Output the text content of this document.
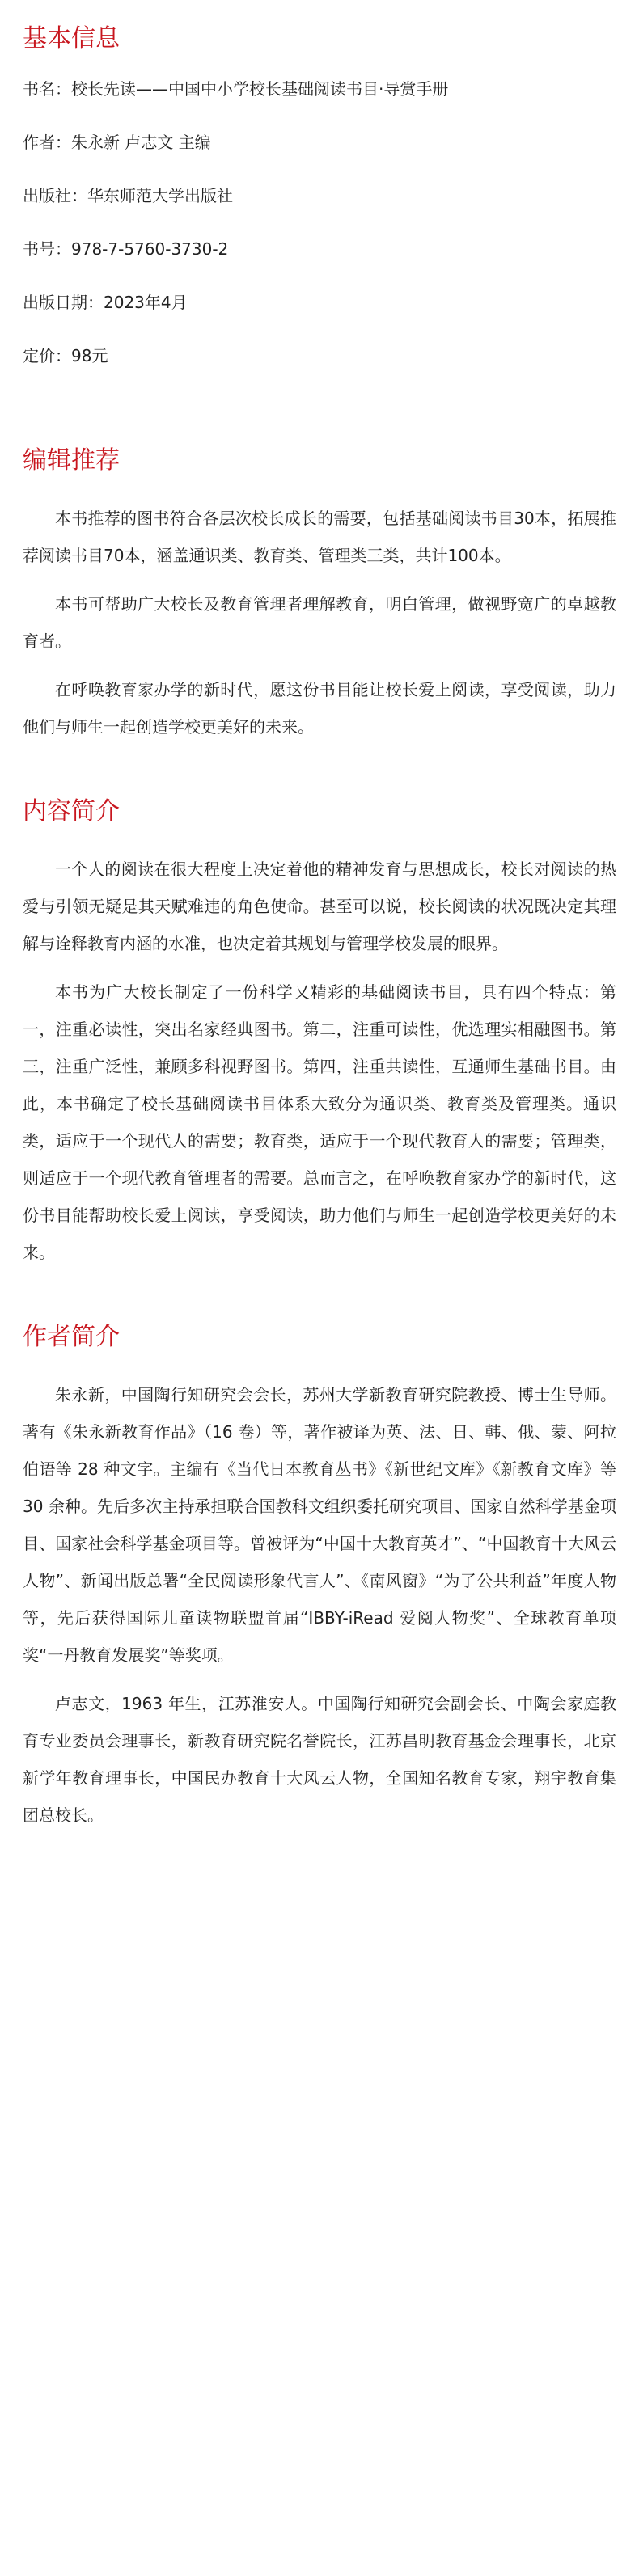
基本信息

书名：校长先读——中国中小学校长基础阅读书目·导赏手册

作者：朱永新 卢志文 主编

出版社：华东师范大学出版社

书号：978-7-5760-3730-2

出版日期：2023年4月

定价：98元

编辑推荐

本书推荐的图书符合各层次校长成长的需要，包括基础阅读书目30本，拓展推荐阅读书目70本，涵盖通识类、教育类、管理类三类，共计100本。

本书可帮助广大校长及教育管理者理解教育，明白管理，做视野宽广的卓越教育者。

在呼唤教育家办学的新时代，愿这份书目能让校长爱上阅读，享受阅读，助力他们与师生一起创造学校更美好的未来。

内容简介

一个人的阅读在很大程度上决定着他的精神发育与思想成长，校长对阅读的热爱与引领无疑是其天赋难违的角色使命。甚至可以说，校长阅读的状况既决定其理解与诠释教育内涵的水准，也决定着其规划与管理学校发展的眼界。

本书为广大校长制定了一份科学又精彩的基础阅读书目，具有四个特点：第一，注重必读性，突出名家经典图书。第二，注重可读性，优选理实相融图书。第三，注重广泛性，兼顾多科视野图书。第四，注重共读性，互通师生基础书目。由此，本书确定了校长基础阅读书目体系大致分为通识类、教育类及管理类。通识类，适应于一个现代人的需要；教育类，适应于一个现代教育人的需要；管理类，则适应于一个现代教育管理者的需要。总而言之，在呼唤教育家办学的新时代，这份书目能帮助校长爱上阅读，享受阅读，助力他们与师生一起创造学校更美好的未来。

作者简介

朱永新，中国陶行知研究会会长，苏州大学新教育研究院教授、博士生导师。著有《朱永新教育作品》（16 卷）等，著作被译为英、法、日、韩、俄、蒙、阿拉伯语等 28 种文字。主编有《当代日本教育丛书》《新世纪文库》《新教育文库》等 30 余种。先后多次主持承担联合国教科文组织委托研究项目、国家自然科学基金项目、国家社会科学基金项目等。曾被评为“中国十大教育英才”、“中国教育十大风云人物”、新闻出版总署“全民阅读形象代言人”、《南风窗》“为了公共利益”年度人物等，先后获得国际儿童读物联盟首届“IBBY-iRead 爱阅人物奖”、全球教育单项奖“一丹教育发展奖”等奖项。

卢志文，1963 年生，江苏淮安人。中国陶行知研究会副会长、中陶会家庭教育专业委员会理事长，新教育研究院名誉院长，江苏昌明教育基金会理事长，北京新学年教育理事长，中国民办教育十大风云人物，全国知名教育专家，翔宇教育集团总校长。
